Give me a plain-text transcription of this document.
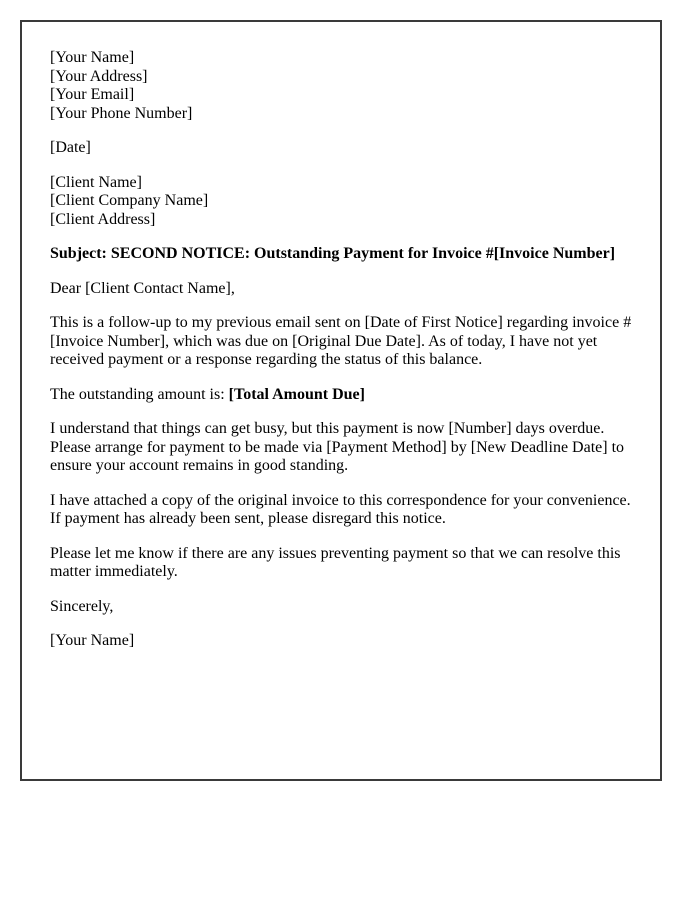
[Your Name]
[Your Address]
[Your Email]
[Your Phone Number]
[Date]
[Client Name]
[Client Company Name]
[Client Address]
Subject: SECOND NOTICE: Outstanding Payment for Invoice #[Invoice Number]
Dear [Client Contact Name],
This is a follow-up to my previous email sent on [Date of First Notice] regarding invoice #
[Invoice Number], which was due on [Original Due Date]. As of today, I have not yet
received payment or a response regarding the status of this balance.
The outstanding amount is: [Total Amount Due]
I understand that things can get busy, but this payment is now [Number] days overdue.
Please arrange for payment to be made via [Payment Method] by [New Deadline Date] to
ensure your account remains in good standing.
I have attached a copy of the original invoice to this correspondence for your convenience.
If payment has already been sent, please disregard this notice.
Please let me know if there are any issues preventing payment so that we can resolve this
matter immediately.
Sincerely,
[Your Name]
